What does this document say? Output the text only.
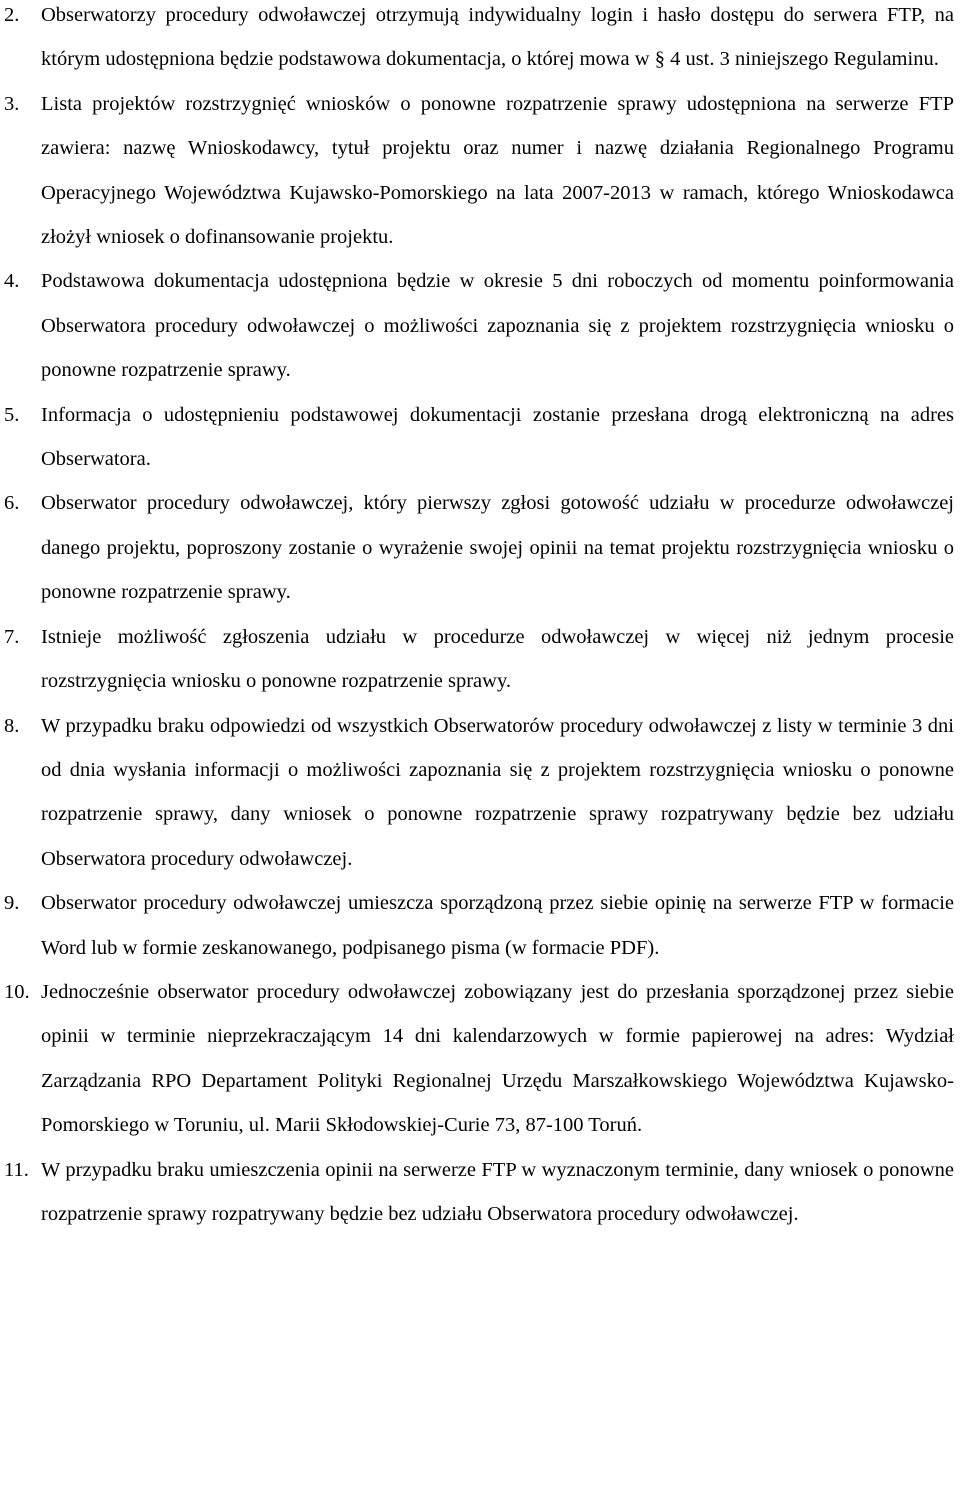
2.	Obserwatorzy procedury odwoławczej otrzymują indywidualny login i hasło dostępu do serwera FTP, na którym udostępniona będzie podstawowa dokumentacja, o której mowa w § 4 ust. 3 niniejszego Regulaminu.
3.	Lista projektów rozstrzygnięć wniosków o ponowne rozpatrzenie sprawy udostępniona na serwerze FTP zawiera: nazwę Wnioskodawcy, tytuł projektu oraz numer i nazwę działania Regionalnego Programu Operacyjnego Województwa Kujawsko-Pomorskiego na lata 2007-2013 w ramach, którego Wnioskodawca złożył wniosek o dofinansowanie projektu.
4.	Podstawowa dokumentacja udostępniona będzie w okresie 5 dni roboczych od momentu poinformowania Obserwatora procedury odwoławczej o możliwości zapoznania się z projektem rozstrzygnięcia wniosku o ponowne rozpatrzenie sprawy.
5.	Informacja o udostępnieniu podstawowej dokumentacji zostanie przesłana drogą elektroniczną na adres Obserwatora.
6.	Obserwator procedury odwoławczej, który pierwszy zgłosi gotowość udziału w procedurze odwoławczej danego projektu, poproszony zostanie o wyrażenie swojej opinii na temat projektu rozstrzygnięcia wniosku o ponowne rozpatrzenie sprawy.
7.	Istnieje możliwość zgłoszenia udziału w procedurze odwoławczej w więcej niż jednym procesie rozstrzygnięcia wniosku o ponowne rozpatrzenie sprawy.
8.	W przypadku braku odpowiedzi od wszystkich Obserwatorów procedury odwoławczej z listy w terminie 3 dni od dnia wysłania informacji o możliwości zapoznania się z projektem rozstrzygnięcia wniosku o ponowne rozpatrzenie sprawy, dany wniosek o ponowne rozpatrzenie sprawy rozpatrywany będzie bez udziału Obserwatora procedury odwoławczej.
9.	Obserwator procedury odwoławczej umieszcza sporządzoną przez siebie opinię na serwerze FTP w formacie Word lub w formie zeskanowanego, podpisanego pisma (w formacie PDF).
10. Jednocześnie obserwator procedury odwoławczej zobowiązany jest do przesłania sporządzonej przez siebie opinii w terminie nieprzekraczającym 14 dni kalendarzowych w formie papierowej na adres: Wydział Zarządzania RPO Departament Polityki Regionalnej Urzędu Marszałkowskiego Województwa Kujawsko-Pomorskiego w Toruniu, ul. Marii Skłodowskiej-Curie 73, 87-100 Toruń.
11. W przypadku braku umieszczenia opinii na serwerze FTP w wyznaczonym terminie, dany wniosek o ponowne rozpatrzenie sprawy rozpatrywany będzie bez udziału Obserwatora procedury odwoławczej.
